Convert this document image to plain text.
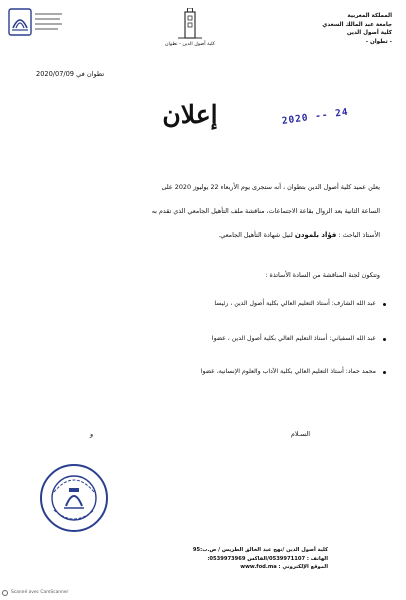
المملكة المغربية
جامعة عبد المالك السعدي
كلية أصول الدين
- تطوان -
كلية أصول الدين - تطوان
تطوان في 2020/07/09
إعلان	2020 -- 24
يعلن عميد كلية أصول الدين بتطوان ، أنه ستجرى يوم الأربعاء 22 يوليوز 2020 على
الساعة الثانية بعد الزوال بقاعة الاجتماعات، مناقشة ملف التأهيل الجامعي الذي تقدم به
الأستاذ الباحث : فؤاد بلمودن لنيل شهادة التأهيل الجامعي.
وتتكون لجنة المناقشة من السادة الأساتذة :
عبد الله الشارف: أستاذ التعليم العالي بكلية أصول الدين ، رئيسا
عبد الله السفياني: أستاذ التعليم العالي بكلية أصول الدين ، عضوا
محمد حماد: أستاذ التعليم العالي بكلية الآداب والعلوم الإنسانية، عضوا
السـلام
و
كلية أصول الدين /نهج عبد الخالق الطريس / ص.ب:95
الهاتف : 0539971107/الفاكس 0539973969:
الموقع الإلكتروني : www.fod.ma
Scanné avec CamScanner
